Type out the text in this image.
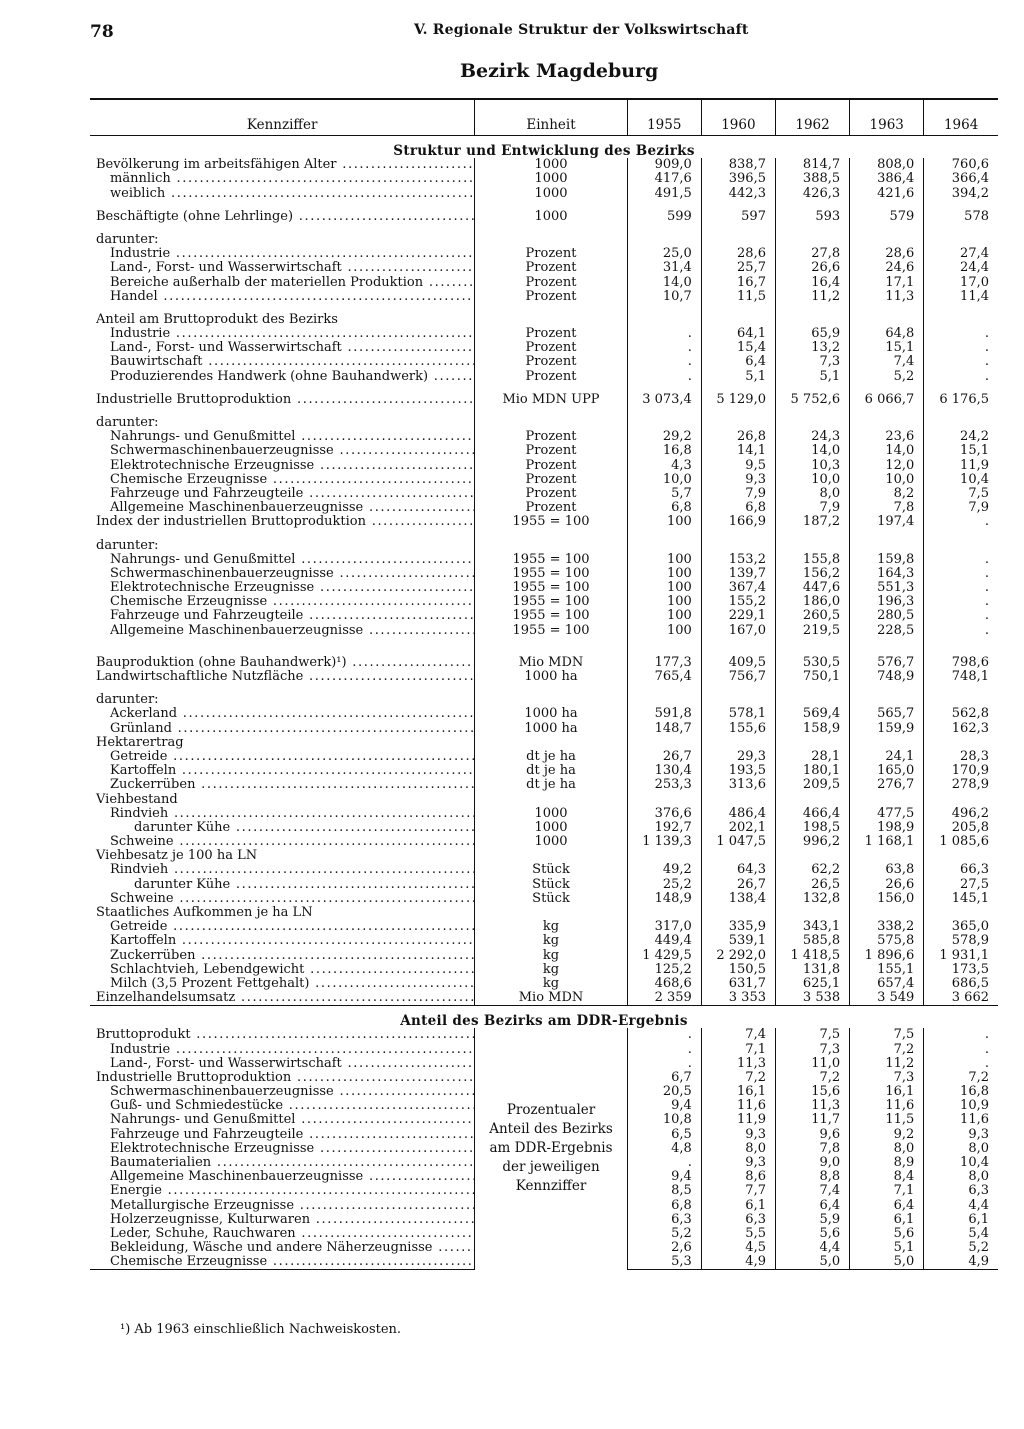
78	V. Regionale Struktur der Volkswirtschaft
Bezirk Magdeburg
Kennziffer	Einheit	1955	1960	1962	1963	1964
Struktur und Entwicklung des Bezirks						
Bevölkerung im arbeitsfähigen Alter .....	1000	909,0	838,7	814,7	808,0	760,6
männlich .....	1000	417,6	396,5	388,5	386,4	366,4
weiblich .....	1000	491,5	442,3	426,3	421,6	394,2

Beschäftigte (ohne Lehrlinge) .....	1000	599	597	593	579	578

darunter:						
Industrie .....	Prozent	25,0	28,6	27,8	28,6	27,4
Land-, Forst- und Wasserwirtschaft .....	Prozent	31,4	25,7	26,6	24,6	24,4
Bereiche außerhalb der materiellen Produktion .....	Prozent	14,0	16,7	16,4	17,1	17,0
Handel .....	Prozent	10,7	11,5	11,2	11,3	11,4

Anteil am Bruttoprodukt des Bezirks						
Industrie .....	Prozent	.	64,1	65,9	64,8	.
Land-, Forst- und Wasserwirtschaft .....	Prozent	.	15,4	13,2	15,1	.
Bauwirtschaft .....	Prozent	.	6,4	7,3	7,4	.
Produzierendes Handwerk (ohne Bauhandwerk) .....	Prozent	.	5,1	5,1	5,2	.

Industrielle Bruttoproduktion .....	Mio MDN UPP	3 073,4	5 129,0	5 752,6	6 066,7	6 176,5

darunter:						
Nahrungs- und Genußmittel .....	Prozent	29,2	26,8	24,3	23,6	24,2
Schwermaschinenbauerzeugnisse .....	Prozent	16,8	14,1	14,0	14,0	15,1
Elektrotechnische Erzeugnisse .....	Prozent	4,3	9,5	10,3	12,0	11,9
Chemische Erzeugnisse .....	Prozent	10,0	9,3	10,0	10,0	10,4
Fahrzeuge und Fahrzeugteile .....	Prozent	5,7	7,9	8,0	8,2	7,5
Allgemeine Maschinenbauerzeugnisse .....	Prozent	6,8	6,8	7,9	7,8	7,9
Index der industriellen Bruttoproduktion .....	1955 = 100	100	166,9	187,2	197,4	.

darunter:						
Nahrungs- und Genußmittel .....	1955 = 100	100	153,2	155,8	159,8	.
Schwermaschinenbauerzeugnisse .....	1955 = 100	100	139,7	156,2	164,3	.
Elektrotechnische Erzeugnisse .....	1955 = 100	100	367,4	447,6	551,3	.
Chemische Erzeugnisse .....	1955 = 100	100	155,2	186,0	196,3	.
Fahrzeuge und Fahrzeugteile .....	1955 = 100	100	229,1	260,5	280,5	.
Allgemeine Maschinenbauerzeugnisse .....	1955 = 100	100	167,0	219,5	228,5	.

Bauproduktion (ohne Bauhandwerk)¹) .....	Mio MDN	177,3	409,5	530,5	576,7	798,6
Landwirtschaftliche Nutzfläche .....	1000 ha	765,4	756,7	750,1	748,9	748,1

darunter:						
Ackerland .....	1000 ha	591,8	578,1	569,4	565,7	562,8
Grünland .....	1000 ha	148,7	155,6	158,9	159,9	162,3
Hektarertrag						
Getreide .....	dt je ha	26,7	29,3	28,1	24,1	28,3
Kartoffeln .....	dt je ha	130,4	193,5	180,1	165,0	170,9
Zuckerrüben .....	dt je ha	253,3	313,6	209,5	276,7	278,9
Viehbestand						
Rindvieh .....	1000	376,6	486,4	466,4	477,5	496,2
darunter Kühe .....	1000	192,7	202,1	198,5	198,9	205,8
Schweine .....	1000	1 139,3	1 047,5	996,2	1 168,1	1 085,6
Viehbesatz je 100 ha LN						
Rindvieh .....	Stück	49,2	64,3	62,2	63,8	66,3
darunter Kühe .....	Stück	25,2	26,7	26,5	26,6	27,5
Schweine .....	Stück	148,9	138,4	132,8	156,0	145,1
Staatliches Aufkommen je ha LN						
Getreide .....	kg	317,0	335,9	343,1	338,2	365,0
Kartoffeln .....	kg	449,4	539,1	585,8	575,8	578,9
Zuckerrüben .....	kg	1 429,5	2 292,0	1 418,5	1 896,6	1 931,1
Schlachtvieh, Lebendgewicht .....	kg	125,2	150,5	131,8	155,1	173,5
Milch (3,5 Prozent Fettgehalt) .....	kg	468,6	631,7	625,1	657,4	686,5
Einzelhandelsumsatz .....	Mio MDN	2 359	3 353	3 538	3 549	3 662
Anteil des Bezirks am DDR-Ergebnis						
Bruttoprodukt .....	Prozentualer Anteil des Bezirks am DDR-Ergebnis der jeweiligen Kennziffer	.	7,4	7,5	7,5	.
Industrie .....		.	7,1	7,3	7,2	.
Land-, Forst- und Wasserwirtschaft .....		.	11,3	11,0	11,2	.
Industrielle Bruttoproduktion .....		6,7	7,2	7,2	7,3	7,2
Schwermaschinenbauerzeugnisse .....		20,5	16,1	15,6	16,1	16,8
Guß- und Schmiedestücke .....		9,4	11,6	11,3	11,6	10,9
Nahrungs- und Genußmittel .....		10,8	11,9	11,7	11,5	11,6
Fahrzeuge und Fahrzeugteile .....		6,5	9,3	9,6	9,2	9,3
Elektrotechnische Erzeugnisse .....		4,8	8,0	7,8	8,0	8,0
Baumaterialien .....		.	9,3	9,0	8,9	10,4
Allgemeine Maschinenbauerzeugnisse .....		9,4	8,6	8,8	8,4	8,0
Energie .....		8,5	7,7	7,4	7,1	6,3
Metallurgische Erzeugnisse .....		6,8	6,1	6,4	6,4	4,4
Holzerzeugnisse, Kulturwaren .....		6,3	6,3	5,9	6,1	6,1
Leder, Schuhe, Rauchwaren .....		5,2	5,5	5,6	5,6	5,4
Bekleidung, Wäsche und andere Näherzeugnisse .....		2,6	4,5	4,4	5,1	5,2
Chemische Erzeugnisse .....		5,3	4,9	5,0	5,0	4,9
¹) Ab 1963 einschließlich Nachweiskosten.
